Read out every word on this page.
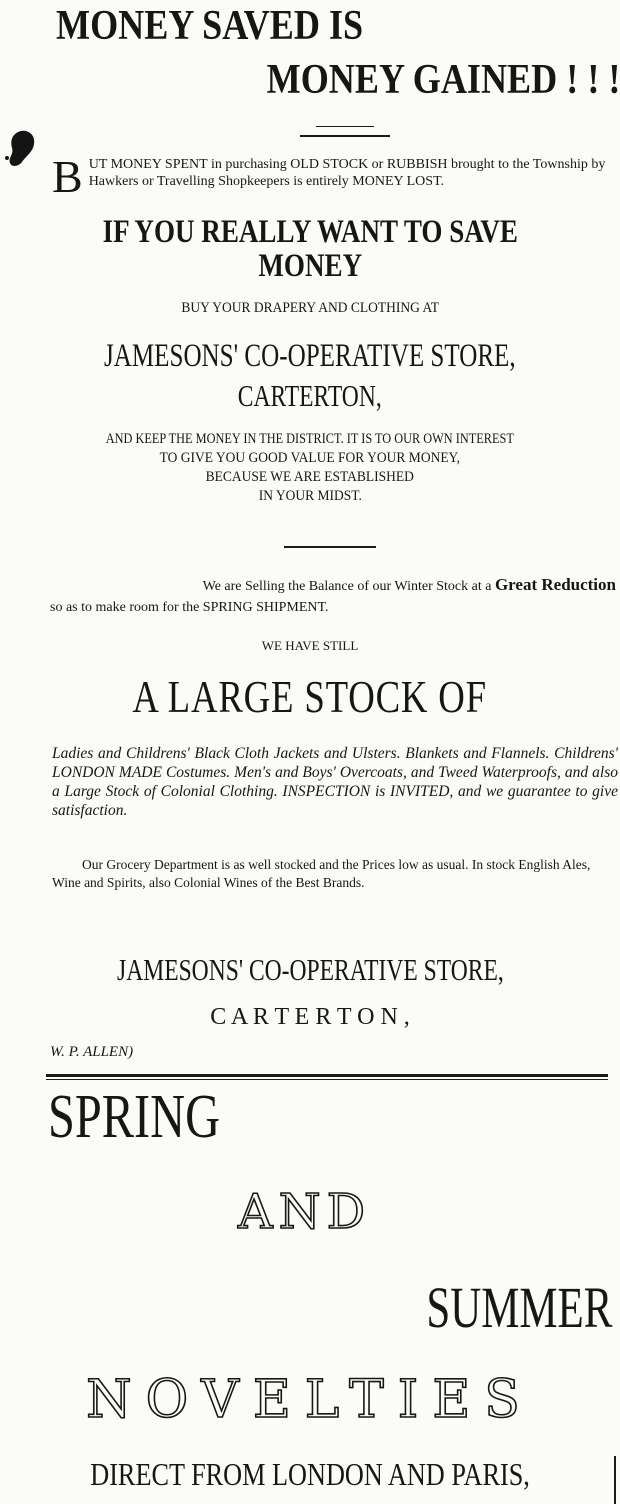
MONEY SAVED IS
MONEY GAINED ! ! !
B UT MONEY SPENT in purchasing OLD STOCK or RUBBISH brought to the Township by Hawkers or Travelling Shopkeepers is entirely MONEY LOST.
IF YOU REALLY WANT TO SAVE
MONEY
BUY YOUR DRAPERY AND CLOTHING AT
JAMESONS' CO-OPERATIVE STORE,
CARTERTON,
AND KEEP THE MONEY IN THE DISTRICT. IT IS TO OUR OWN INTEREST
TO GIVE YOU GOOD VALUE FOR YOUR MONEY,
BECAUSE WE ARE ESTABLISHED
IN YOUR MIDST.
We are Selling the Balance of our Winter Stock at a Great Reduction
so as to make room for the SPRING SHIPMENT.
WE HAVE STILL
A LARGE STOCK OF
Ladies and Childrens' Black Cloth Jackets and Ulsters. Blankets and Flannels. Childrens' LONDON MADE Costumes. Men's and Boys' Overcoats, and Tweed Waterproofs, and also a Large Stock of Colonial Clothing. INSPECTION is INVITED, and we guarantee to give satisfaction.
Our Grocery Department is as well stocked and the Prices low as usual. In stock English Ales, Wine and Spirits, also Colonial Wines of the Best Brands.
JAMESONS' CO-OPERATIVE STORE,
C A R T E R T O N ,
W. P. ALLEN)
SPRING
AND
SUMMER
NOVELTIES
DIRECT FROM LONDON AND PARIS,
